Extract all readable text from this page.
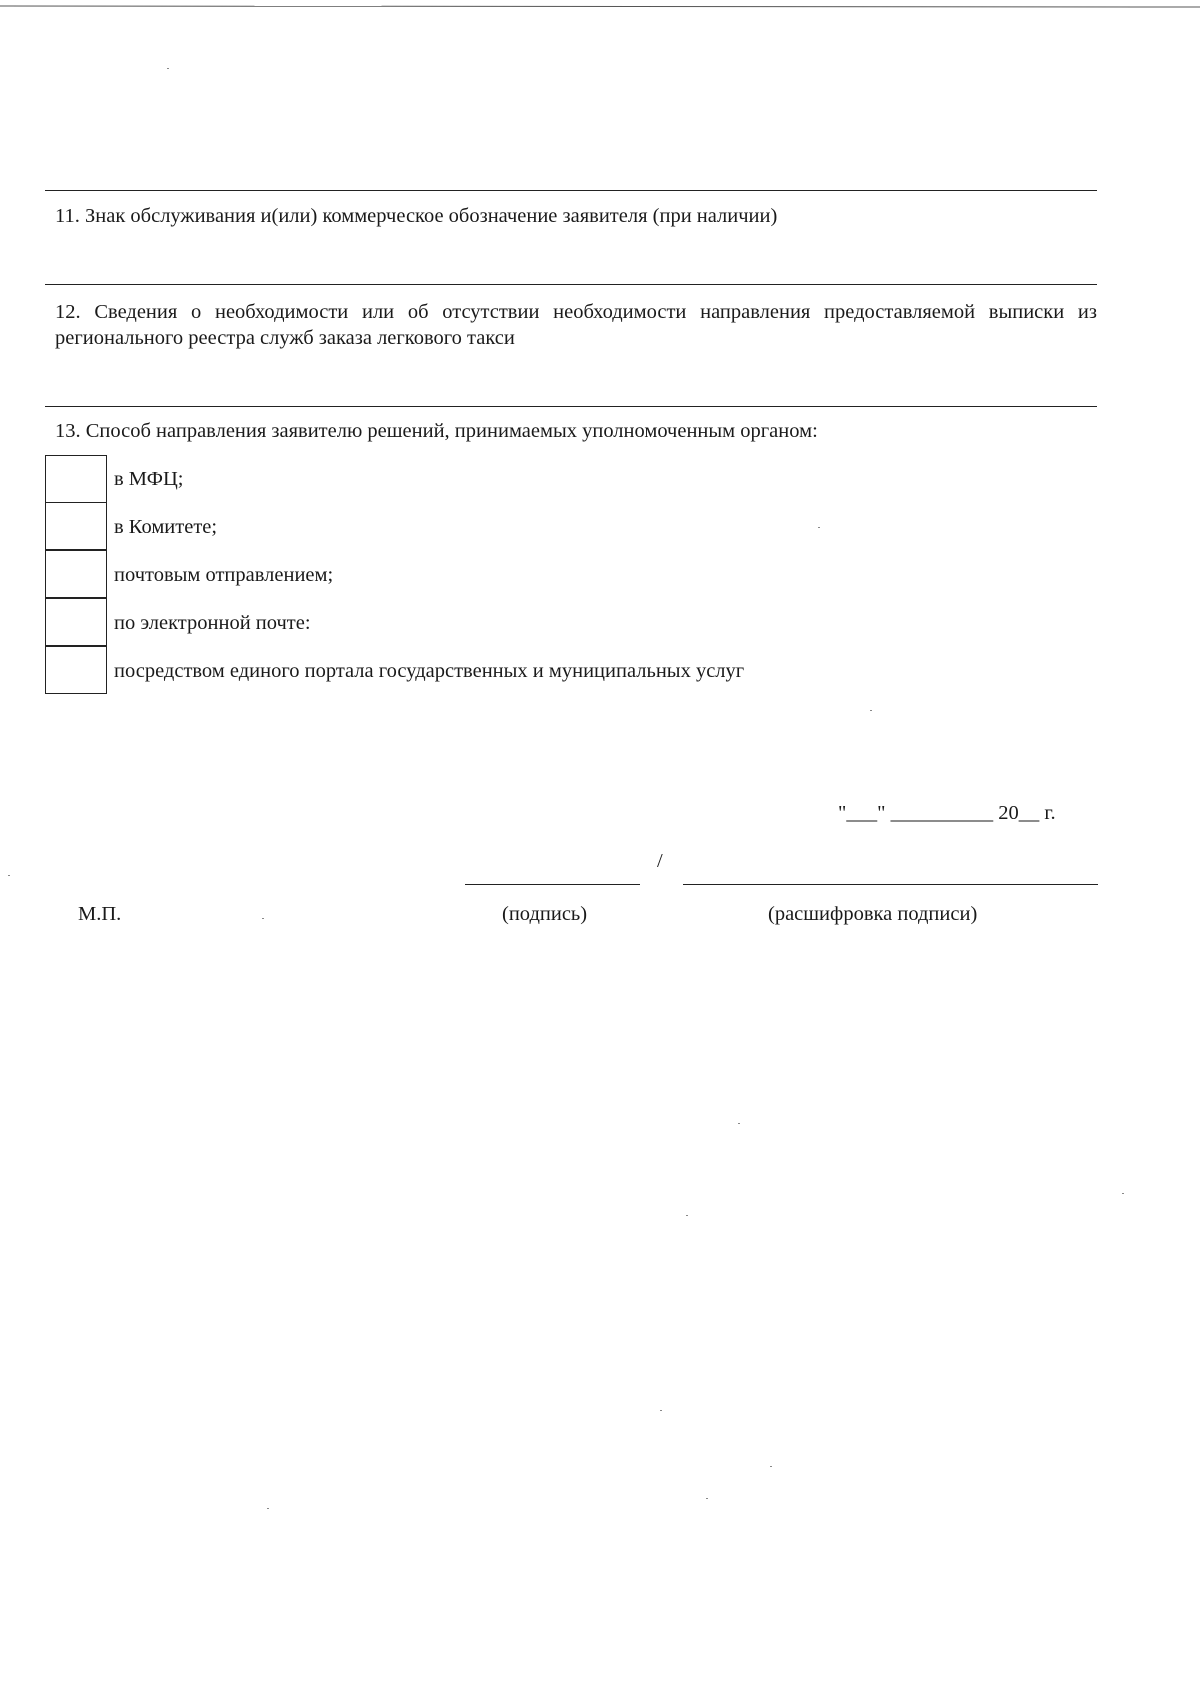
11. Знак обслуживания и(или) коммерческое обозначение заявителя (при наличии)
12. Сведения о необходимости или об отсутствии необходимости направления предоставляемой выписки из регионального реестра служб заказа легкового такси
13. Способ направления заявителю решений, принимаемых уполномоченным органом:
в МФЦ;
в Комитете;
почтовым отправлением;
по электронной почте:
посредством единого портала государственных и муниципальных услуг
"___" __________ 20__ г.
/
М.П.	(подпись)	(расшифровка подписи)
